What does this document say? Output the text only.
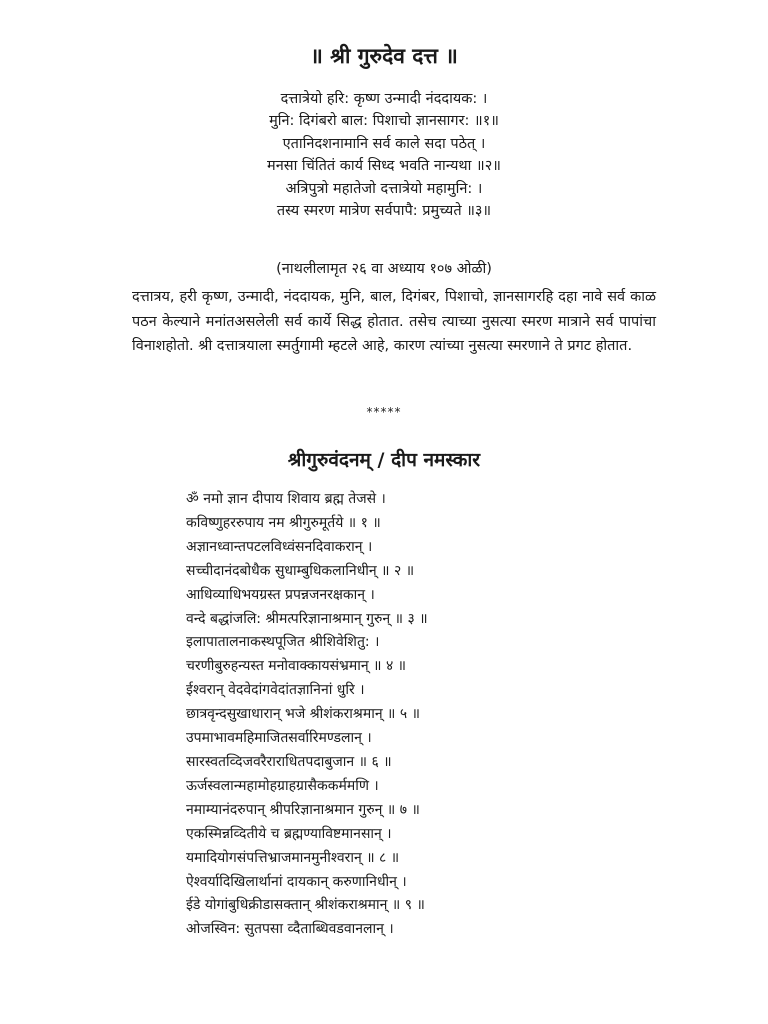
॥ श्री गुरुदेव दत्त ॥
दत्तात्रेयो हरि: कृष्ण उन्मादी नंददायक: ।
मुनि: दिगंबरो बाल: पिशाचो ज्ञानसागर: ॥१॥
एतानिदशनामानि सर्व काले सदा पठेत् ।
मनसा चिंतितं कार्य सिध्द भवति नान्यथा ॥२॥
अत्रिपुत्रो महातेजो दत्तात्रेयो महामुनि: ।
तस्य स्मरण मात्रेण सर्वपापै: प्रमुच्यते ॥३॥
(नाथलीलामृत २६ वा अध्याय १०७ ओळी)
दत्तात्रय, हरी कृष्ण, उन्मादी, नंददायक, मुनि, बाल, दिगंबर, पिशाचो, ज्ञानसागरहि दहा नावे सर्व काळ पठन केल्याने मनांतअसलेली सर्व कार्ये सिद्ध होतात. तसेच त्याच्या नुसत्या स्मरण मात्राने सर्व पापांचा विनाशहोतो. श्री दत्तात्रयाला स्मर्तुगामी म्हटले आहे, कारण त्यांच्या नुसत्या स्मरणाने ते प्रगट होतात.
*****
श्रीगुरुवंदनम् / दीप नमस्कार
ॐ नमो ज्ञान दीपाय शिवाय ब्रह्म तेजसे ।
कविष्णुहररुपाय नम श्रीगुरुमूर्तये ॥ १ ॥
अज्ञानध्वान्तपटलविध्वंसनदिवाकरान् ।
सच्चीदानंदबोधैक सुधाम्बुधिकलानिधीन् ॥ २ ॥
आधिव्याधिभयग्रस्त प्रपन्नजनरक्षकान् ।
वन्दे बद्धांजलि: श्रीमत्परिज्ञानाश्रमान् गुरुन् ॥ ३ ॥
इलापातालनाकस्थपूजित श्रीशिवेशितु: ।
चरणीबुरुहन्यस्त मनोवाक्कायसंभ्रमान् ॥ ४ ॥
ईश्वरान् वेदवेदांगवेदांतज्ञानिनां धुरि ।
छात्रवृन्दसुखाधारान् भजे श्रीशंकराश्रमान् ॥ ५ ॥
उपमाभावमहिमाजितसर्वारिमण्डलान् ।
सारस्वतव्दिजवरैराराधितपदाबुजान ॥ ६ ॥
ऊर्जस्वलान्महामोहग्राहग्रासैककर्ममणि ।
नमाम्यानंदरुपान् श्रीपरिज्ञानाश्रमान गुरुन् ॥ ७ ॥
एकस्मिन्नव्दितीये च ब्रह्मण्याविष्टमानसान् ।
यमादियोगसंपत्तिभ्राजमानमुनीश्वरान् ॥ ८ ॥
ऐश्वर्यादिखिलार्थानां दायकान् करुणानिधीन् ।
ईडे योगांबुधिक्रीडासक्तान् श्रीशंकराश्रमान् ॥ ९ ॥
ओजस्विन: सुतपसा व्दैताब्धिवडवानलान् ।
